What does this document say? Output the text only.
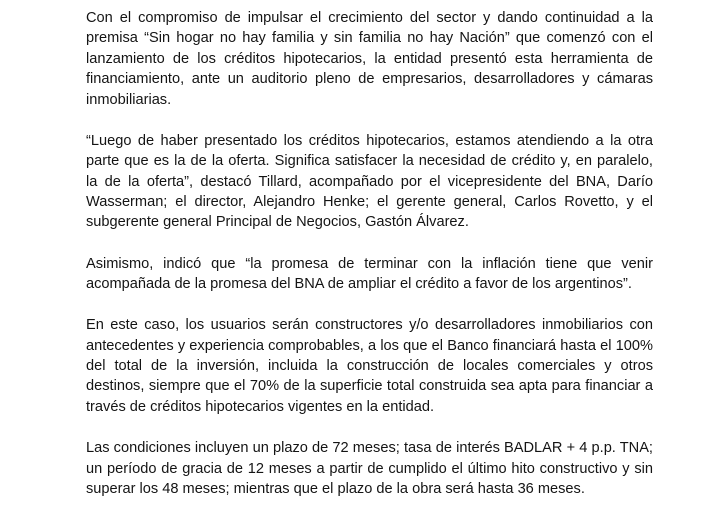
Con el compromiso de impulsar el crecimiento del sector y dando continuidad a la premisa “Sin hogar no hay familia y sin familia no hay Nación” que comenzó con el lanzamiento de los créditos hipotecarios, la entidad presentó esta herramienta de financiamiento, ante un auditorio pleno de empresarios, desarrolladores y cámaras inmobiliarias.

“Luego de haber presentado los créditos hipotecarios, estamos atendiendo a la otra parte que es la de la oferta. Significa satisfacer la necesidad de crédito y, en paralelo, la de la oferta”, destacó Tillard, acompañado por el vicepresidente del BNA, Darío Wasserman; el director, Alejandro Henke; el gerente general, Carlos Rovetto, y el subgerente general Principal de Negocios, Gastón Álvarez.

Asimismo, indicó que “la promesa de terminar con la inflación tiene que venir acompañada de la promesa del BNA de ampliar el crédito a favor de los argentinos”.

En este caso, los usuarios serán constructores y/o desarrolladores inmobiliarios con antecedentes y experiencia comprobables, a los que el Banco financiará hasta el 100% del total de la inversión, incluida la construcción de locales comerciales y otros destinos, siempre que el 70% de la superficie total construida sea apta para financiar a través de créditos hipotecarios vigentes en la entidad.

Las condiciones incluyen un plazo de 72 meses; tasa de interés BADLAR + 4 p.p. TNA; un período de gracia de 12 meses a partir de cumplido el último hito constructivo y sin superar los 48 meses; mientras que el plazo de la obra será hasta 36 meses.
